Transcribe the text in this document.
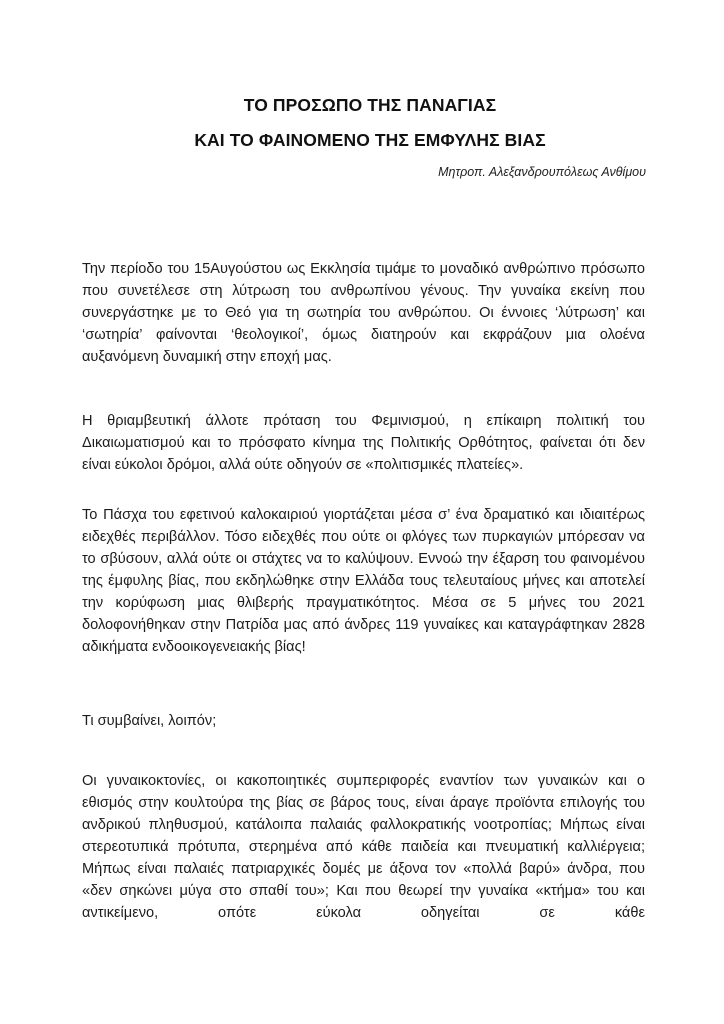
ΤΟ ΠΡΟΣΩΠΟ ΤΗΣ ΠΑΝΑΓΙΑΣ
ΚΑΙ ΤΟ ΦΑΙΝΟΜΕΝΟ ΤΗΣ ΕΜΦΥΛΗΣ ΒΙΑΣ
Μητροπ. Αλεξανδρουπόλεως Ανθίμου

Την περίοδο του 15Αυγούστου ως Εκκλησία τιμάμε το μοναδικό ανθρώπινο πρόσωπο που συνετέλεσε στη λύτρωση του ανθρωπίνου γένους. Την γυναίκα εκείνη που συνεργάστηκε με το Θεό για τη σωτηρία του ανθρώπου. Οι έννοιες ‘λύτρωση’ και ‘σωτηρία’ φαίνονται ‘θεολογικοί’, όμως διατηρούν και εκφράζουν μια ολοένα αυξανόμενη δυναμική στην εποχή μας.

Η θριαμβευτική άλλοτε πρόταση του Φεμινισμού, η επίκαιρη πολιτική του Δικαιωματισμού και το πρόσφατο κίνημα της Πολιτικής Ορθότητος, φαίνεται ότι δεν είναι εύκολοι δρόμοι, αλλά ούτε οδηγούν σε «πολιτισμικές πλατείες».

Το Πάσχα του εφετινού καλοκαιριού γιορτάζεται μέσα σ’ ένα δραματικό και ιδιαιτέρως ειδεχθές περιβάλλον. Τόσο ειδεχθές που ούτε οι φλόγες των πυρκαγιών μπόρεσαν να το σβύσουν, αλλά ούτε οι στάχτες να το καλύψουν. Εννοώ την έξαρση του φαινομένου της έμφυλης βίας, που εκδηλώθηκε στην Ελλάδα τους τελευταίους μήνες και αποτελεί την κορύφωση μιας θλιβερής πραγματικότητος. Μέσα σε 5 μήνες του 2021 δολοφονήθηκαν στην Πατρίδα μας από άνδρες 119 γυναίκες και καταγράφτηκαν 2828 αδικήματα ενδοοικογενειακής βίας!

Τι συμβαίνει, λοιπόν;

Οι γυναικοκτονίες, οι κακοποιητικές συμπεριφορές εναντίον των γυναικών και ο εθισμός στην κουλτούρα της βίας σε βάρος τους, είναι άραγε προϊόντα επιλογής του ανδρικού πληθυσμού, κατάλοιπα παλαιάς φαλλοκρατικής νοοτροπίας; Μήπως είναι στερεοτυπικά πρότυπα, στερημένα από κάθε παιδεία και πνευματική καλλιέργεια; Μήπως είναι παλαιές πατριαρχικές δομές με άξονα τον «πολλά βαρύ» άνδρα, που «δεν σηκώνει μύγα στο σπαθί του»; Και που θεωρεί την γυναίκα «κτήμα» του και αντικείμενο, οπότε εύκολα οδηγείται σε κάθε
